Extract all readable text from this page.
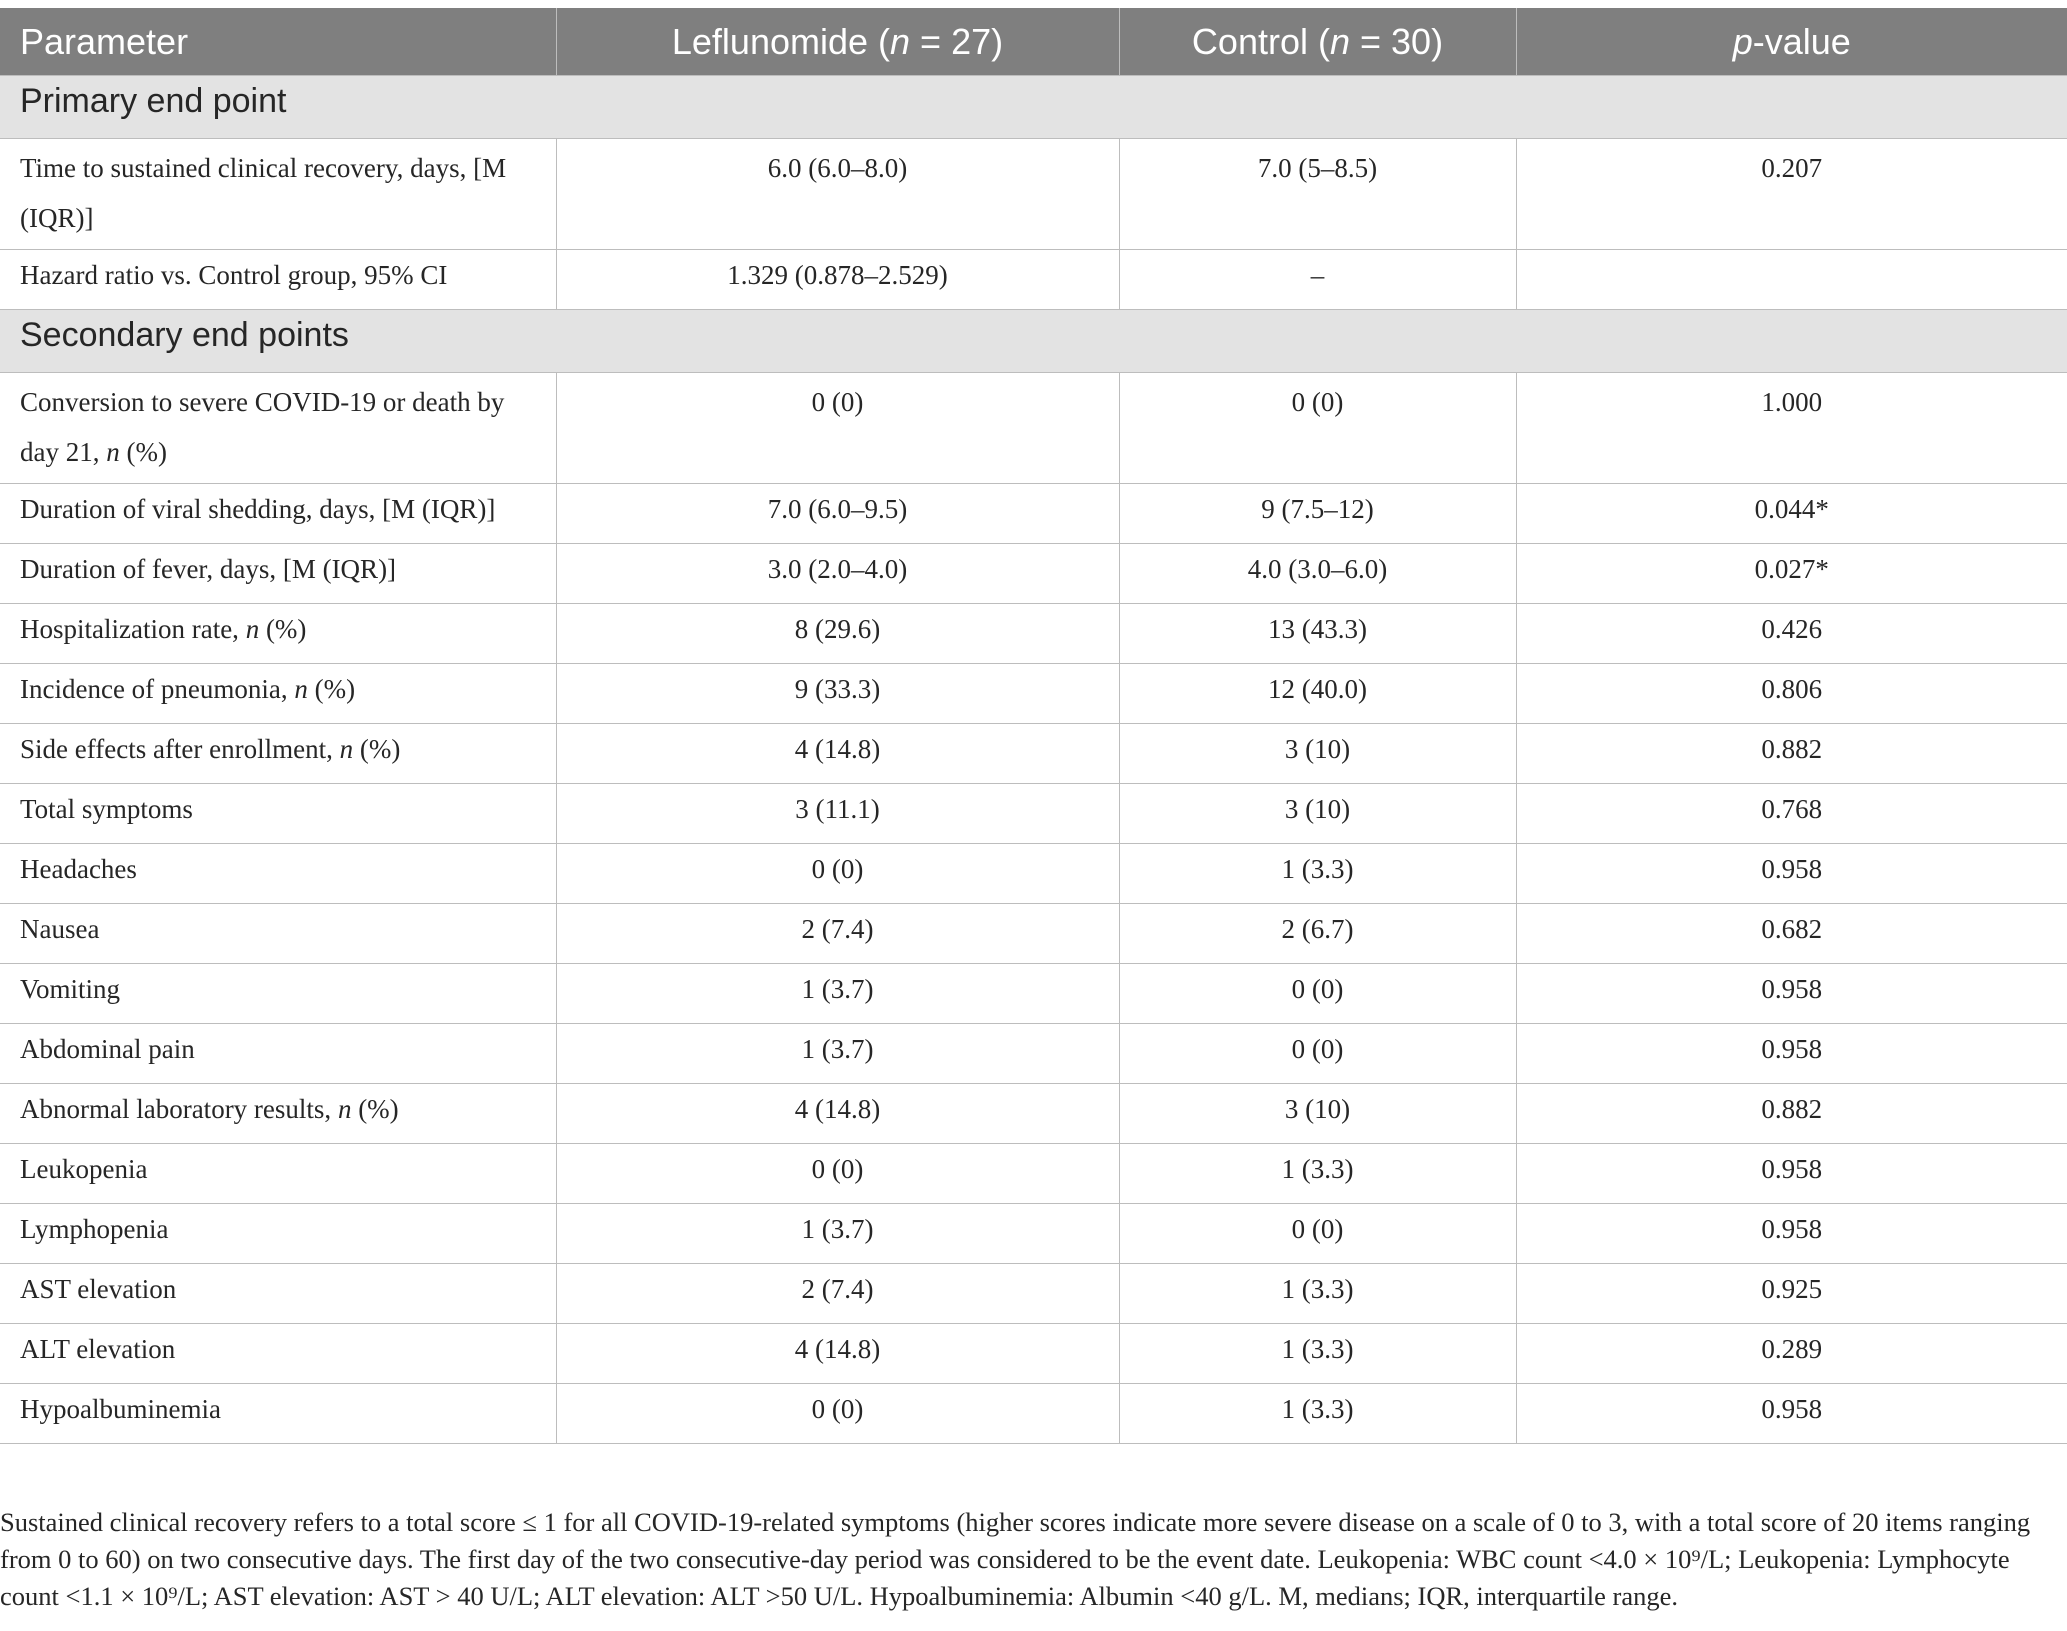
Parameter	Leflunomide (n = 27)	Control (n = 30)	p-value
Primary end point			
Time to sustained clinical recovery, days, [M (IQR)]	6.0 (6.0–8.0)	7.0 (5–8.5)	0.207
Hazard ratio vs. Control group, 95% CI	1.329 (0.878–2.529)	–	
Secondary end points			
Conversion to severe COVID-19 or death by day 21, n (%)	0 (0)	0 (0)	1.000
Duration of viral shedding, days, [M (IQR)]	7.0 (6.0–9.5)	9 (7.5–12)	0.044*
Duration of fever, days, [M (IQR)]	3.0 (2.0–4.0)	4.0 (3.0–6.0)	0.027*
Hospitalization rate, n (%)	8 (29.6)	13 (43.3)	0.426
Incidence of pneumonia, n (%)	9 (33.3)	12 (40.0)	0.806
Side effects after enrollment, n (%)	4 (14.8)	3 (10)	0.882
Total symptoms	3 (11.1)	3 (10)	0.768
Headaches	0 (0)	1 (3.3)	0.958
Nausea	2 (7.4)	2 (6.7)	0.682
Vomiting	1 (3.7)	0 (0)	0.958
Abdominal pain	1 (3.7)	0 (0)	0.958
Abnormal laboratory results, n (%)	4 (14.8)	3 (10)	0.882
Leukopenia	0 (0)	1 (3.3)	0.958
Lymphopenia	1 (3.7)	0 (0)	0.958
AST elevation	2 (7.4)	1 (3.3)	0.925
ALT elevation	4 (14.8)	1 (3.3)	0.289
Hypoalbuminemia	0 (0)	1 (3.3)	0.958
Sustained clinical recovery refers to a total score ≤ 1 for all COVID-19-related symptoms (higher scores indicate more severe disease on a scale of 0 to 3, with a total score of 20 items ranging
from 0 to 60) on two consecutive days. The first day of the two consecutive-day period was considered to be the event date. Leukopenia: WBC count <4.0 × 10⁹/L; Leukopenia: Lymphocyte
count <1.1 × 10⁹/L; AST elevation: AST > 40 U/L; ALT elevation: ALT >50 U/L. Hypoalbuminemia: Albumin <40 g/L. M, medians; IQR, interquartile range.
